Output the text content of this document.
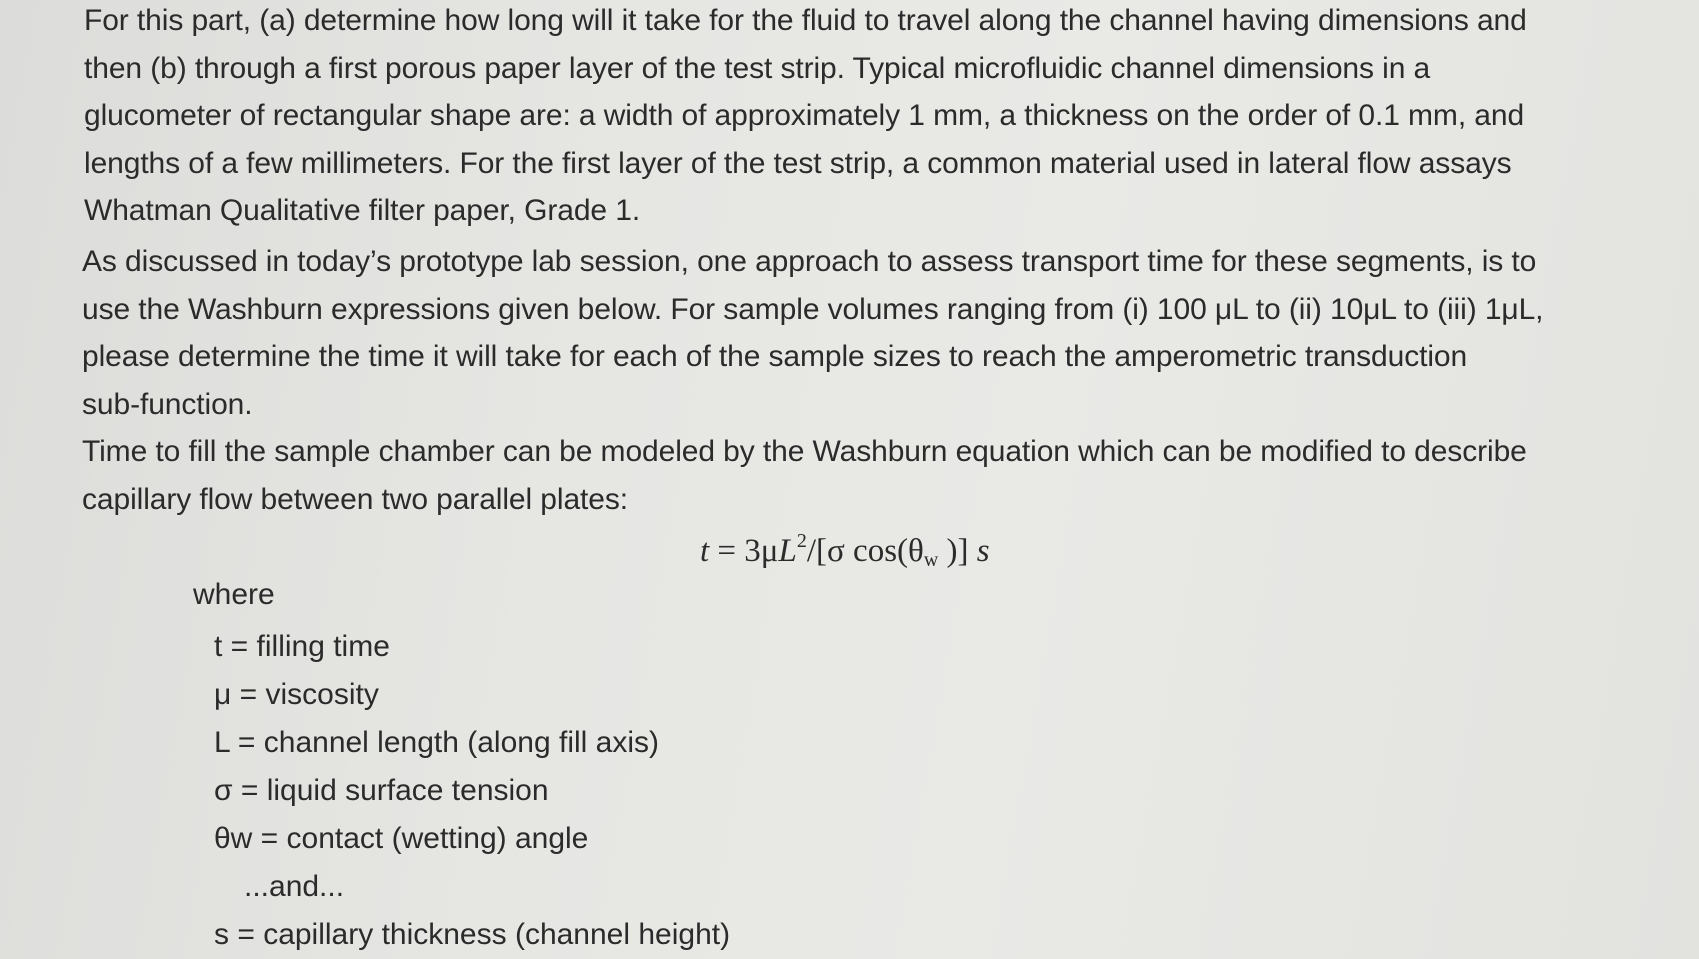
For this part, (a) determine how long will it take for the fluid to travel along the channel having dimensions and
then (b) through a first porous paper layer of the test strip. Typical microfluidic channel dimensions in a
glucometer of rectangular shape are: a width of approximately 1 mm, a thickness on the order of 0.1 mm, and
lengths of a few millimeters. For the first layer of the test strip, a common material used in lateral flow assays
Whatman Qualitative filter paper, Grade 1.

As discussed in today’s prototype lab session, one approach to assess transport time for these segments, is to
use the Washburn expressions given below. For sample volumes ranging from (i) 100 μL to (ii) 10μL to (iii) 1μL,
please determine the time it will take for each of the sample sizes to reach the amperometric transduction
sub-function.

Time to fill the sample chamber can be modeled by the Washburn equation which can be modified to describe
capillary flow between two parallel plates:

$t = 3\mu L^2/[\sigma$ $\cos(\theta_w$ )] s

where

t = filling time
μ = viscosity
L = channel length (along fill axis)
σ = liquid surface tension
θw = contact (wetting) angle
...and...
s = capillary thickness (channel height)
